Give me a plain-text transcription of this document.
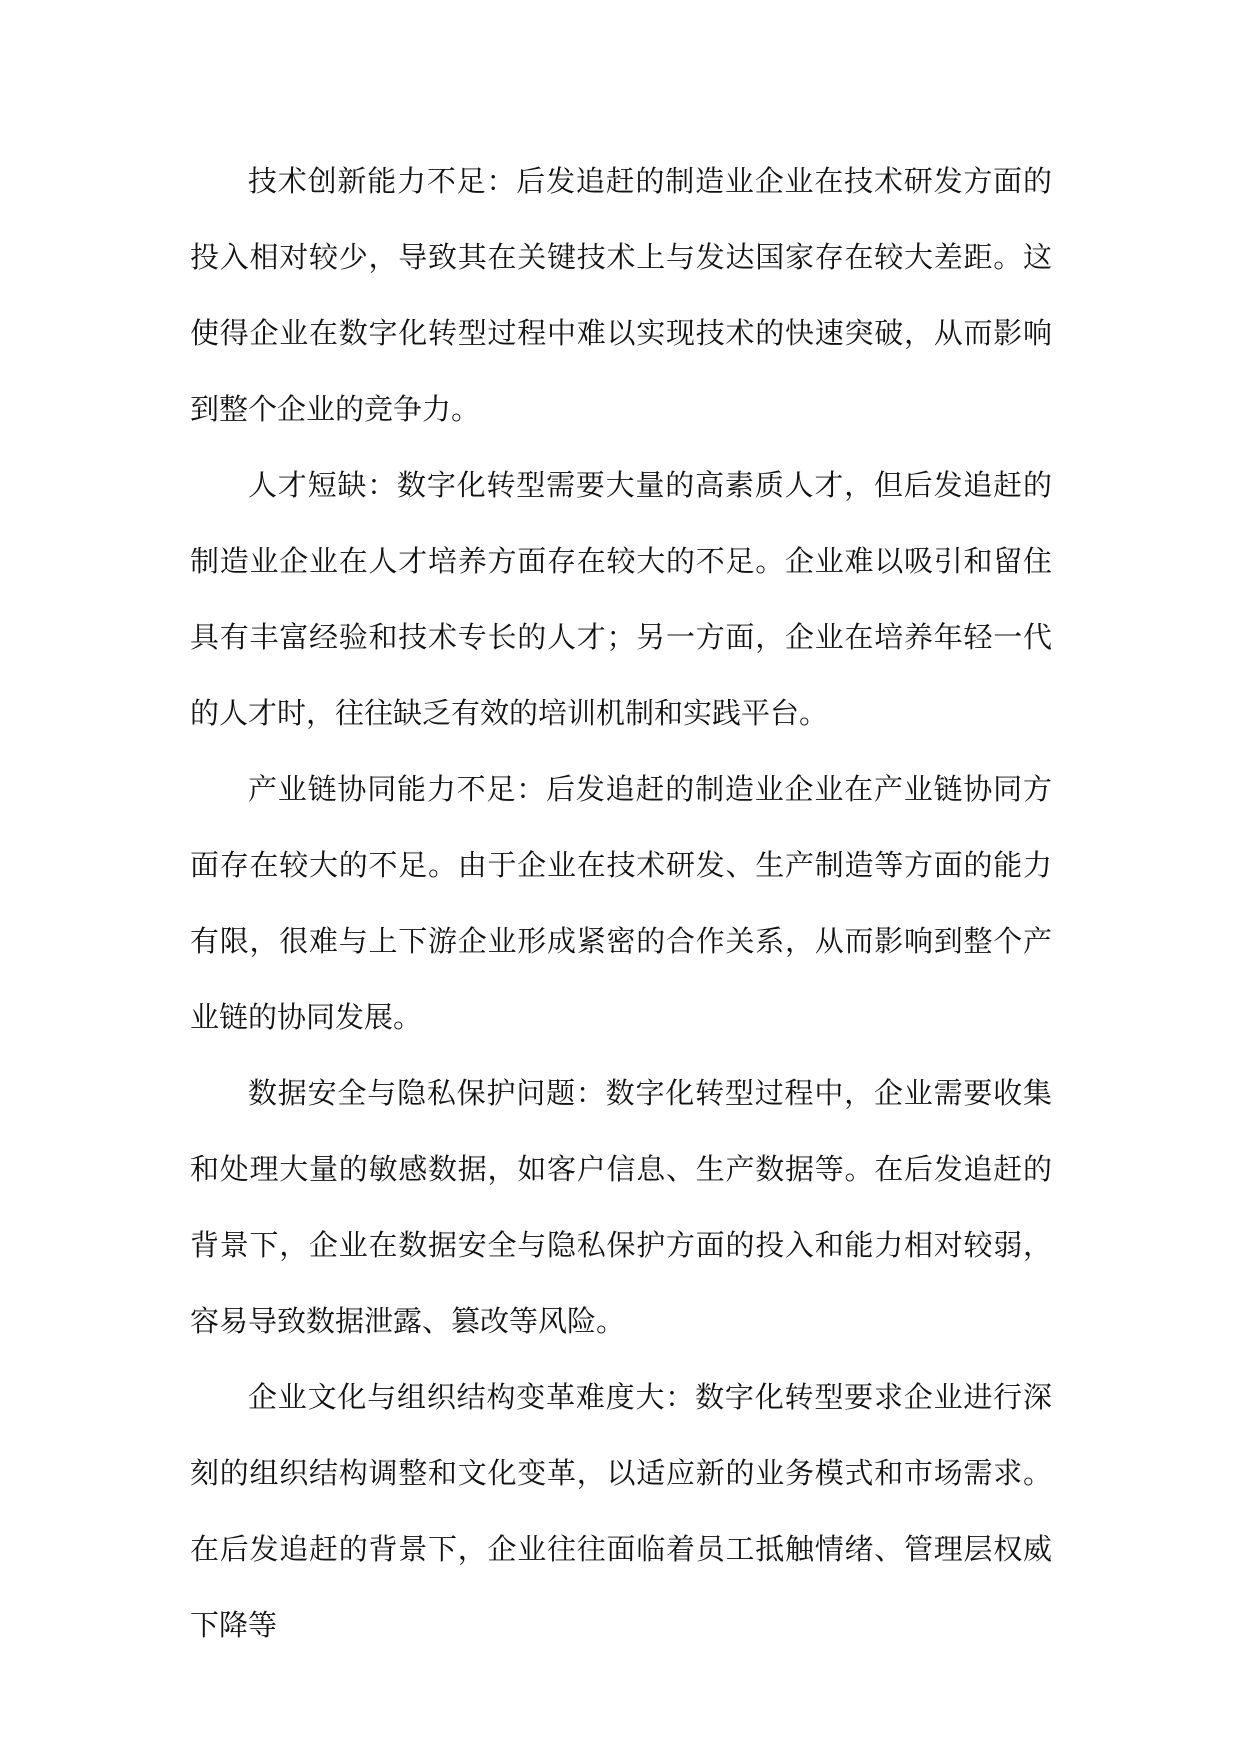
技术创新能力不足：后发追赶的制造业企业在技术研发方面的投入相对较少，导致其在关键技术上与发达国家存在较大差距。这使得企业在数字化转型过程中难以实现技术的快速突破，从而影响到整个企业的竞争力。

人才短缺：数字化转型需要大量的高素质人才，但后发追赶的制造业企业在人才培养方面存在较大的不足。企业难以吸引和留住具有丰富经验和技术专长的人才；另一方面，企业在培养年轻一代的人才时，往往缺乏有效的培训机制和实践平台。

产业链协同能力不足：后发追赶的制造业企业在产业链协同方面存在较大的不足。由于企业在技术研发、生产制造等方面的能力有限，很难与上下游企业形成紧密的合作关系，从而影响到整个产业链的协同发展。

数据安全与隐私保护问题：数字化转型过程中，企业需要收集和处理大量的敏感数据，如客户信息、生产数据等。在后发追赶的背景下，企业在数据安全与隐私保护方面的投入和能力相对较弱，容易导致数据泄露、篡改等风险。

企业文化与组织结构变革难度大：数字化转型要求企业进行深刻的组织结构调整和文化变革，以适应新的业务模式和市场需求。在后发追赶的背景下，企业往往面临着员工抵触情绪、管理层权威下降等
